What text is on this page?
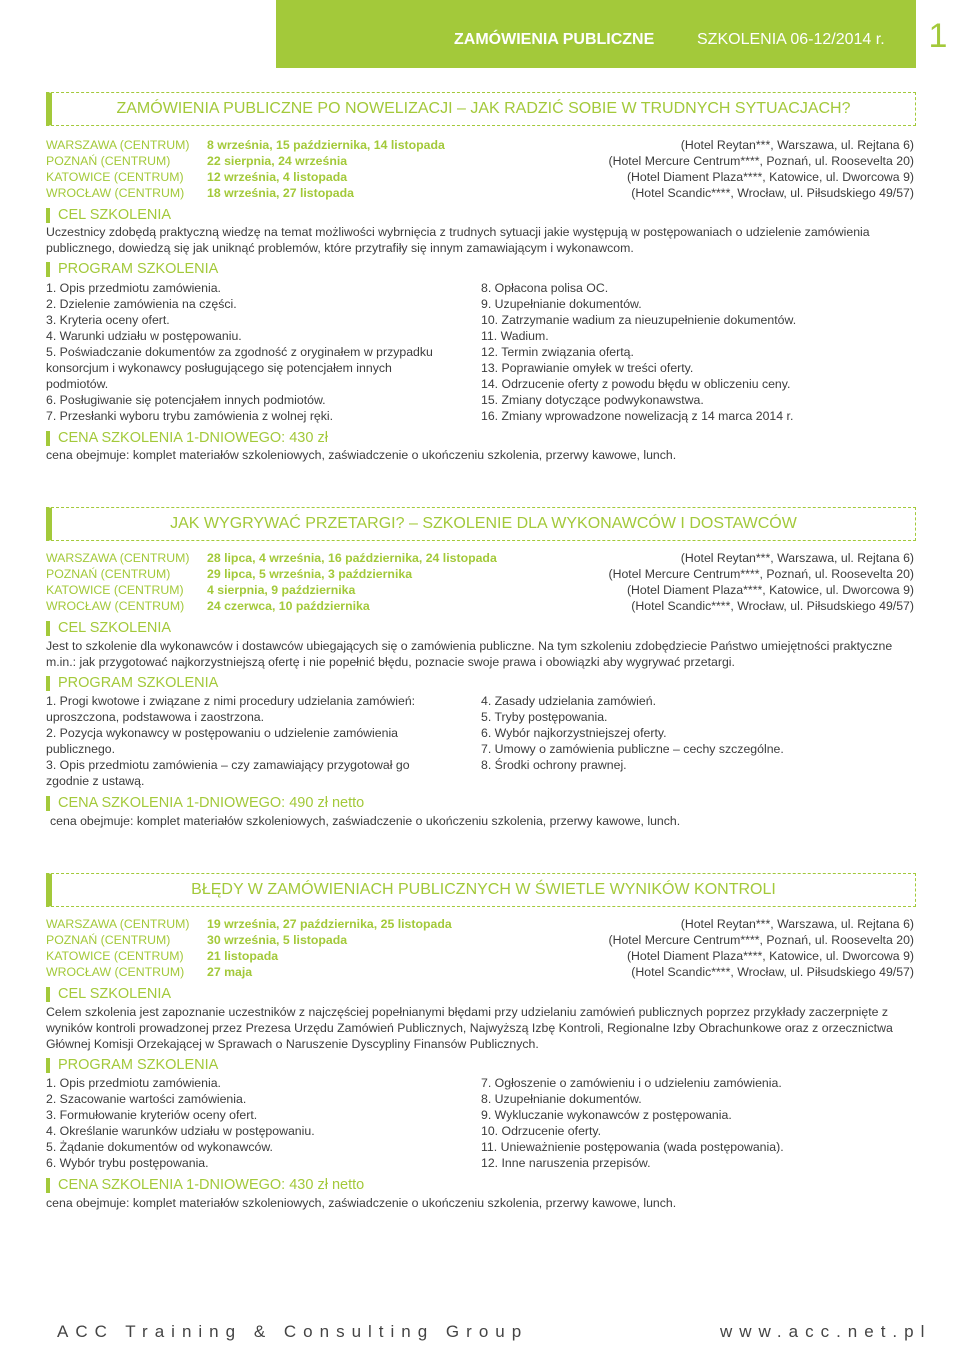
ZAMÓWIENIA PUBLICZNE	SZKOLENIA 06-12/2014 r.	1
ZAMÓWIENIA PUBLICZNE PO NOWELIZACJI – JAK RADZIĆ SOBIE W TRUDNYCH SYTUACJACH?
WARSZAWA (CENTRUM) 8 września, 15 października, 14 listopada	(Hotel Reytan***, Warszawa, ul. Rejtana 6)
POZNAŃ (CENTRUM)	22 sierpnia, 24 września	(Hotel Mercure Centrum****, Poznań, ul. Roosevelta 20)
KATOWICE (CENTRUM) 12 września, 4 listopada	(Hotel Diament Plaza****, Katowice, ul. Dworcowa 9)
WROCŁAW (CENTRUM) 18 września, 27 listopada	(Hotel Scandic****, Wrocław, ul. Piłsudskiego 49/57)
CEL SZKOLENIA
Uczestnicy zdobędą praktyczną wiedzę na temat możliwości wybrnięcia z trudnych sytuacji jakie występują w postępowaniach o udzielenie zamówienia publicznego, dowiedzą się jak uniknąć problemów, które przytrafiły się innym zamawiającym i wykonawcom.
PROGRAM SZKOLENIA
1. Opis przedmiotu zamówienia.
2. Dzielenie zamówienia na części.
3. Kryteria oceny ofert.
4. Warunki udziału w postępowaniu.
5. Poświadczanie dokumentów za zgodność z oryginałem w przypadku
konsorcjum i wykonawcy posługującego się potencjałem innych
podmiotów.
6. Posługiwanie się potencjałem innych podmiotów.
7. Przesłanki wyboru trybu zamówienia z wolnej ręki.
8. Opłacona polisa OC.
9. Uzupełnianie dokumentów.
10. Zatrzymanie wadium za nieuzupełnienie dokumentów.
11. Wadium.
12. Termin związania ofertą.
13. Poprawianie omyłek w treści oferty.
14. Odrzucenie oferty z powodu błędu w obliczeniu ceny.
15. Zmiany dotyczące podwykonawstwa.
16. Zmiany wprowadzone nowelizacją z 14 marca 2014 r.
CENA SZKOLENIA 1-DNIOWEGO: 430 zł
cena obejmuje: komplet materiałów szkoleniowych, zaświadczenie o ukończeniu szkolenia, przerwy kawowe, lunch.
JAK WYGRYWAĆ PRZETARGI? – SZKOLENIE DLA WYKONAWCÓW I DOSTAWCÓW
WARSZAWA (CENTRUM) 28 lipca, 4 września, 16 października, 24 listopada	(Hotel Reytan***, Warszawa, ul. Rejtana 6)
POZNAŃ (CENTRUM)	29 lipca, 5 września, 3 października	(Hotel Mercure Centrum****, Poznań, ul. Roosevelta 20)
KATOWICE (CENTRUM) 4 sierpnia, 9 października	(Hotel Diament Plaza****, Katowice, ul. Dworcowa 9)
WROCŁAW (CENTRUM) 24 czerwca, 10 października	(Hotel Scandic****, Wrocław, ul. Piłsudskiego 49/57)
CEL SZKOLENIA
Jest to szkolenie dla wykonawców i dostawców ubiegających się o zamówienia publiczne. Na tym szkoleniu zdobędziecie Państwo umiejętności praktyczne m.in.: jak przygotować najkorzystniejszą ofertę i nie popełnić błędu, poznacie swoje prawa i obowiązki aby wygrywać przetargi.
PROGRAM SZKOLENIA
1. Progi kwotowe i związane z nimi procedury udzielania zamówień:
uproszczona, podstawowa i zaostrzona.
2. Pozycja wykonawcy w postępowaniu o udzielenie zamówienia
publicznego.
3. Opis przedmiotu zamówienia – czy zamawiający przygotował go
zgodnie z ustawą.
4. Zasady udzielania zamówień.
5. Tryby postępowania.
6. Wybór najkorzystniejszej oferty.
7. Umowy o zamówienia publiczne – cechy szczególne.
8. Środki ochrony prawnej.
CENA SZKOLENIA 1-DNIOWEGO: 490 zł netto
cena obejmuje: komplet materiałów szkoleniowych, zaświadczenie o ukończeniu szkolenia, przerwy kawowe, lunch.
BŁĘDY W ZAMÓWIENIACH PUBLICZNYCH W ŚWIETLE WYNIKÓW KONTROLI
WARSZAWA (CENTRUM) 19 września, 27 października, 25 listopada	(Hotel Reytan***, Warszawa, ul. Rejtana 6)
POZNAŃ (CENTRUM)	30 września, 5 listopada	(Hotel Mercure Centrum****, Poznań, ul. Roosevelta 20)
KATOWICE (CENTRUM) 21 listopada	(Hotel Diament Plaza****, Katowice, ul. Dworcowa 9)
WROCŁAW (CENTRUM) 27 maja	(Hotel Scandic****, Wrocław, ul. Piłsudskiego 49/57)
CEL SZKOLENIA
Celem szkolenia jest zapoznanie uczestników z najczęściej popełnianymi błędami przy udzielaniu zamówień publicznych poprzez przykłady zaczerpnięte z wyników kontroli prowadzonej przez Prezesa Urzędu Zamówień Publicznych, Najwyższą Izbę Kontroli, Regionalne Izby Obrachunkowe oraz z orzecznictwa Głównej Komisji Orzekającej w Sprawach o Naruszenie Dyscypliny Finansów Publicznych.
PROGRAM SZKOLENIA
1. Opis przedmiotu zamówienia.
2. Szacowanie wartości zamówienia.
3. Formułowanie kryteriów oceny ofert.
4. Określanie warunków udziału w postępowaniu.
5. Żądanie dokumentów od wykonawców.
6. Wybór trybu postępowania.
7. Ogłoszenie o zamówieniu i o udzieleniu zamówienia.
8. Uzupełnianie dokumentów.
9. Wykluczanie wykonawców z postępowania.
10. Odrzucenie oferty.
11. Unieważnienie postępowania (wada postępowania).
12. Inne naruszenia przepisów.
CENA SZKOLENIA 1-DNIOWEGO: 430 zł netto
cena obejmuje: komplet materiałów szkoleniowych, zaświadczenie o ukończeniu szkolenia, przerwy kawowe, lunch.
ACC Training & Consulting Group	www.acc.net.pl
